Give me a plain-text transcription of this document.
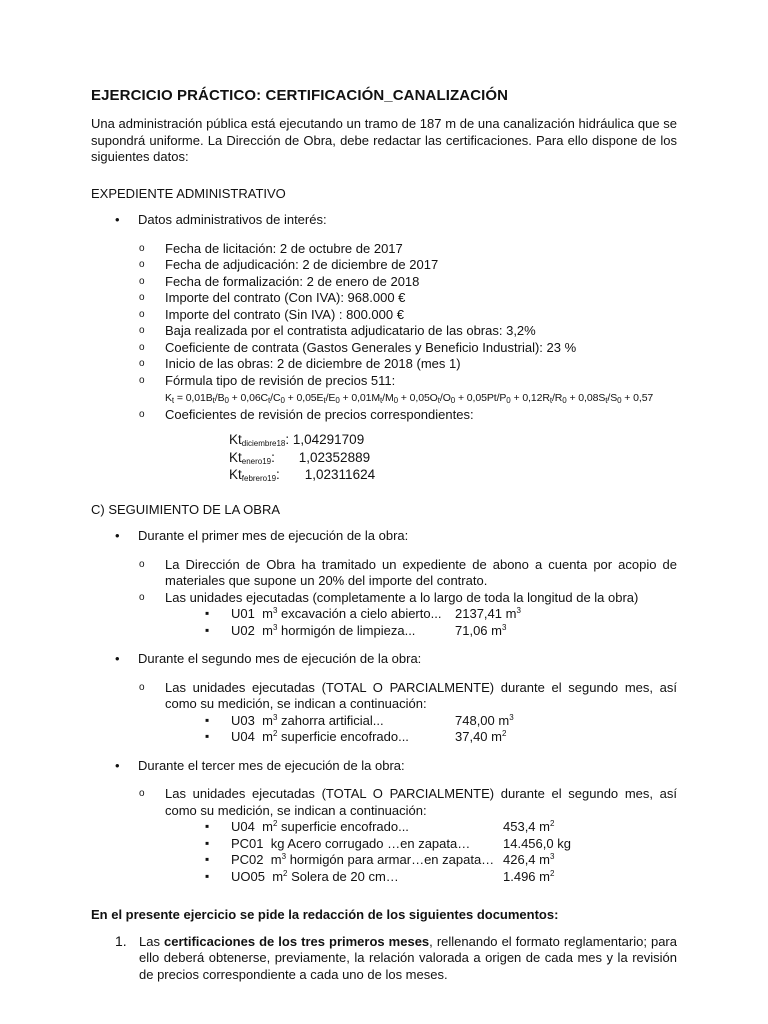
EJERCICIO PRÁCTICO: CERTIFICACIÓN_CANALIZACIÓN
Una administración pública está ejecutando un tramo de 187 m de una canalización hidráulica que se supondrá uniforme. La Dirección de Obra, debe redactar las certificaciones. Para ello dispone de los siguientes datos:
EXPEDIENTE ADMINISTRATIVO
• Datos administrativos de interés:
o Fecha de licitación: 2 de octubre de 2017
o Fecha de adjudicación: 2 de diciembre de 2017
o Fecha de formalización: 2 de enero de 2018
o Importe del contrato (Con IVA): 968.000 €
o Importe del contrato (Sin IVA) : 800.000 €
o Baja realizada por el contratista adjudicatario de las obras: 3,2%
o Coeficiente de contrata (Gastos Generales y Beneficio Industrial): 23 %
o Inicio de las obras: 2 de diciembre de 2018 (mes 1)
o Fórmula tipo de revisión de precios 511:
$K_t = 0,01B_t/B_0 + 0,06C_t/C_0 + 0,05E_t/E_0 + 0,01M_t/M_0 + 0,05O_t/O_0 + 0,05Pt/P_0 + 0,12R_t/R_0 + 0,08S_t/S_0 + 0,57$
o Coeficientes de revisión de precios correspondientes:
$Kt_{diciembre18}$: 1,04291709
$Kt_{enero19}$: 1,02352889
$Kt_{febrero19}$: 1,02311624
C) SEGUIMIENTO DE LA OBRA
• Durante el primer mes de ejecución de la obra:
o La Dirección de Obra ha tramitado un expediente de abono a cuenta por acopio de materiales que supone un 20% del importe del contrato.
o Las unidades ejecutadas (completamente a lo largo de toda la longitud de la obra)
▪ U01 $m^3$ excavación a cielo abierto... 2137,41 $m^3$
▪ U02 $m^3$ hormigón de limpieza...	71,06 $m^3$
• Durante el segundo mes de ejecución de la obra:
o Las unidades ejecutadas (TOTAL O PARCIALMENTE) durante el segundo mes, así como su medición, se indican a continuación:
▪ U03 $m^3$ zahorra artificial...	748,00 $m^3$
▪ U04 $m^2$ superficie encofrado...	37,40 $m^2$
• Durante el tercer mes de ejecución de la obra:
o Las unidades ejecutadas (TOTAL O PARCIALMENTE) durante el segundo mes, así como su medición, se indican a continuación:
▪ U04 $m^2$ superficie encofrado...	453,4 $m^2$
▪ PC01 kg Acero corrugado …en zapata…	14.456,0 kg
▪ PC02 $m^3$ hormigón para armar…en zapata… 426,4 $m^3$
▪ UO05 $m^2$ Solera de 20 cm…	1.496 $m^2$
En el presente ejercicio se pide la redacción de los siguientes documentos:
1. Las certificaciones de los tres primeros meses, rellenando el formato reglamentario; para ello deberá obtenerse, previamente, la relación valorada a origen de cada mes y la revisión de precios correspondiente a cada uno de los meses.
